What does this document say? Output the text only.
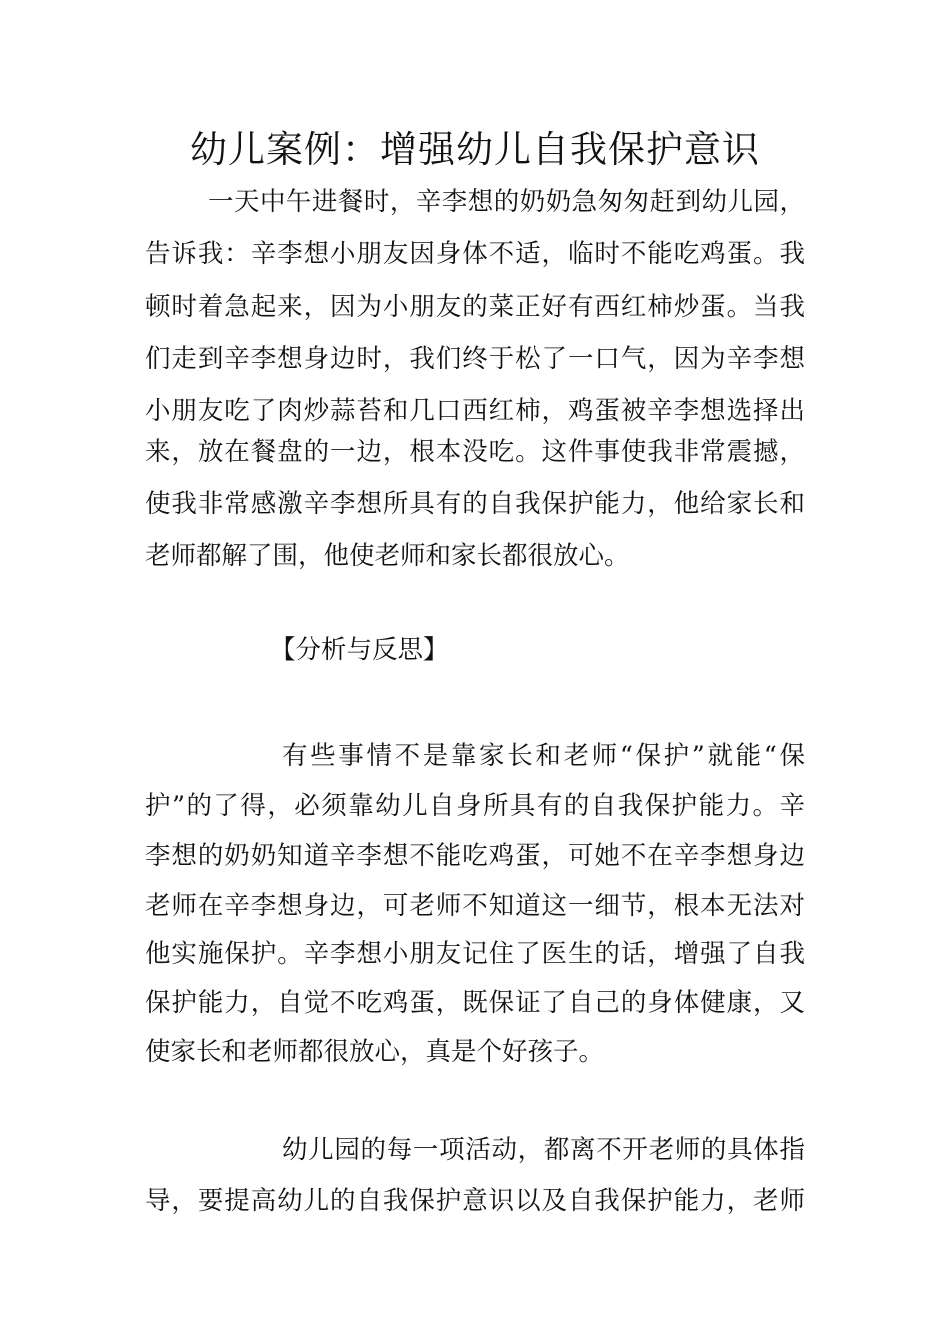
幼儿案例：增强幼儿自我保护意识

一天中午进餐时，辛李想的奶奶急匆匆赶到幼儿园，

告诉我：辛李想小朋友因身体不适，临时不能吃鸡蛋。我

顿时着急起来，因为小朋友的菜正好有西红柿炒蛋。当我

们走到辛李想身边时，我们终于松了一口气，因为辛李想

小朋友吃了肉炒蒜苔和几口西红柿，鸡蛋被辛李想选择出

来，放在餐盘的一边，根本没吃。这件事使我非常震撼，

使我非常感激辛李想所具有的自我保护能力，他给家长和

老师都解了围，他使老师和家长都很放心。

【分析与反思】

有些事情不是靠家长和老师“保护”就能“保

护”的了得，必须靠幼儿自身所具有的自我保护能力。辛

李想的奶奶知道辛李想不能吃鸡蛋，可她不在辛李想身边

老师在辛李想身边，可老师不知道这一细节，根本无法对

他实施保护。辛李想小朋友记住了医生的话，增强了自我

保护能力，自觉不吃鸡蛋，既保证了自己的身体健康，又

使家长和老师都很放心，真是个好孩子。

幼儿园的每一项活动，都离不开老师的具体指

导，要提高幼儿的自我保护意识以及自我保护能力，老师
